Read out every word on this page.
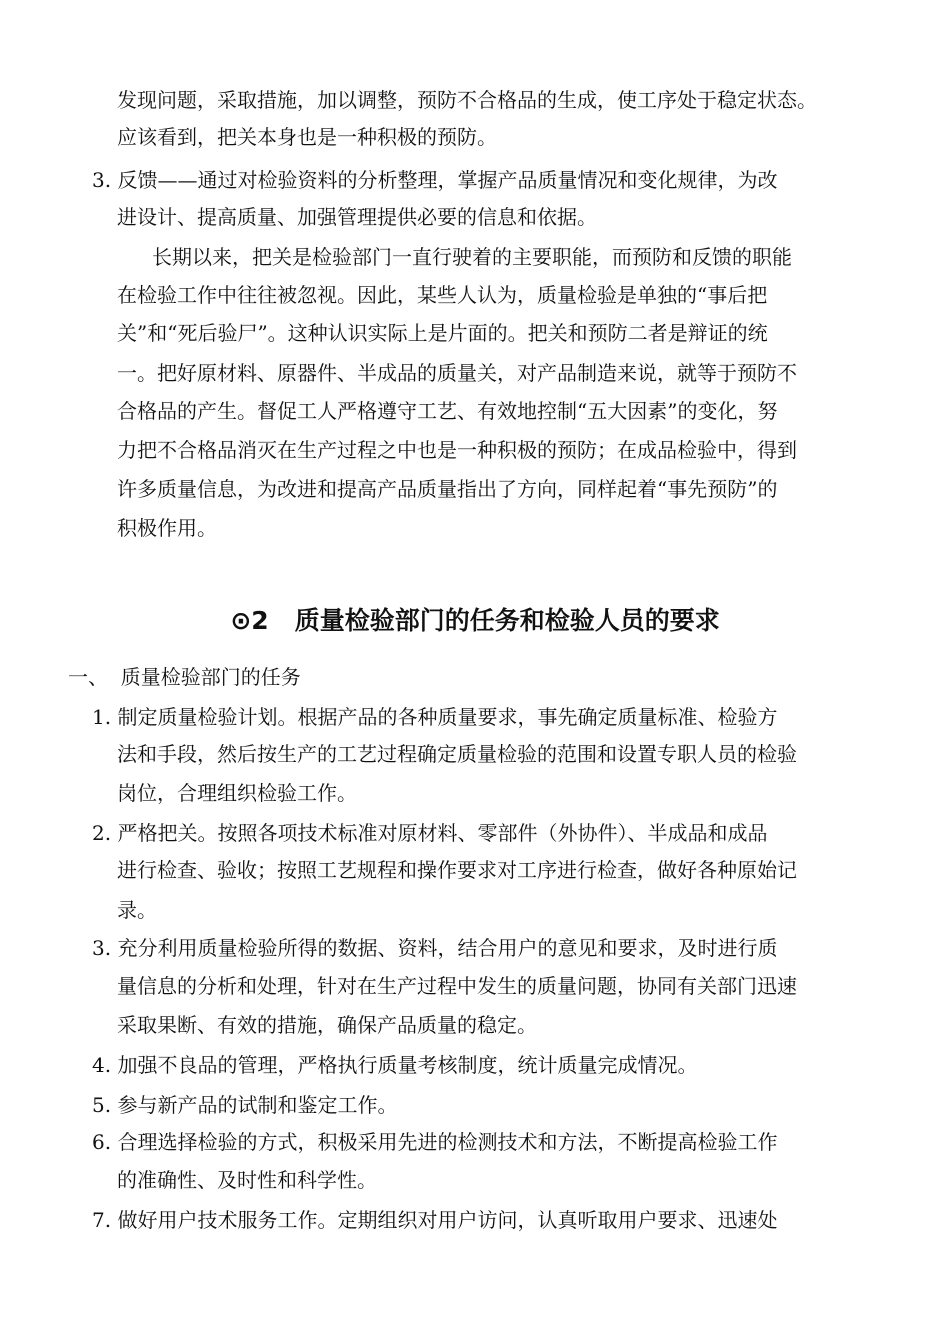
发现问题，采取措施，加以调整，预防不合格品的生成，使工序处于稳定状态。
应该看到，把关本身也是一种积极的预防。
3. 反馈——通过对检验资料的分析整理，掌握产品质量情况和变化规律，为改
进设计、提高质量、加强管理提供必要的信息和依据。
长期以来，把关是检验部门一直行驶着的主要职能，而预防和反馈的职能
在检验工作中往往被忽视。因此，某些人认为，质量检验是单独的“事后把
关”和“死后验尸”。这种认识实际上是片面的。把关和预防二者是辩证的统
一。把好原材料、原器件、半成品的质量关，对产品制造来说，就等于预防不
合格品的产生。督促工人严格遵守工艺、有效地控制“五大因素”的变化，努
力把不合格品消灭在生产过程之中也是一种积极的预防；在成品检验中，得到
许多质量信息，为改进和提高产品质量指出了方向，同样起着“事先预防”的
积极作用。
⊙2   质量检验部门的任务和检验人员的要求
一、  质量检验部门的任务
1. 制定质量检验计划。根据产品的各种质量要求，事先确定质量标准、检验方
法和手段，然后按生产的工艺过程确定质量检验的范围和设置专职人员的检验
岗位，合理组织检验工作。
2. 严格把关。按照各项技术标准对原材料、零部件（外协件）、半成品和成品
进行检查、验收；按照工艺规程和操作要求对工序进行检查，做好各种原始记
录。
3. 充分利用质量检验所得的数据、资料，结合用户的意见和要求，及时进行质
量信息的分析和处理，针对在生产过程中发生的质量问题，协同有关部门迅速
采取果断、有效的措施，确保产品质量的稳定。
4. 加强不良品的管理，严格执行质量考核制度，统计质量完成情况。
5. 参与新产品的试制和鉴定工作。
6. 合理选择检验的方式，积极采用先进的检测技术和方法，不断提高检验工作
的准确性、及时性和科学性。
7. 做好用户技术服务工作。定期组织对用户访问，认真听取用户要求、迅速处
